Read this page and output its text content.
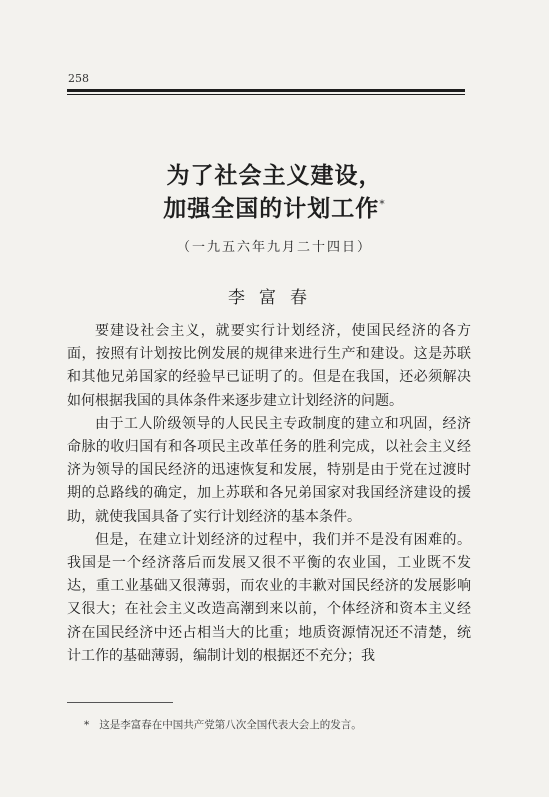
258
为了社会主义建设，
加强全国的计划工作*
（一九五六年九月二十四日）
李富春

要建设社会主义，就要实行计划经济，使国民经济的各方面，按照有计划按比例发展的规律来进行生产和建设。这是苏联和其他兄弟国家的经验早已证明了的。但是在我国，还必须解决如何根据我国的具体条件来逐步建立计划经济的问题。

由于工人阶级领导的人民民主专政制度的建立和巩固，经济命脉的收归国有和各项民主改革任务的胜利完成，以社会主义经济为领导的国民经济的迅速恢复和发展，特别是由于党在过渡时期的总路线的确定，加上苏联和各兄弟国家对我国经济建设的援助，就使我国具备了实行计划经济的基本条件。

但是，在建立计划经济的过程中，我们并不是没有困难的。我国是一个经济落后而发展又很不平衡的农业国，工业既不发达，重工业基础又很薄弱，而农业的丰歉对国民经济的发展影响又很大；在社会主义改造高潮到来以前，个体经济和资本主义经济在国民经济中还占相当大的比重；地质资源情况还不清楚，统计工作的基础薄弱，编制计划的根据还不充分；我

* 这是李富春在中国共产党第八次全国代表大会上的发言。
